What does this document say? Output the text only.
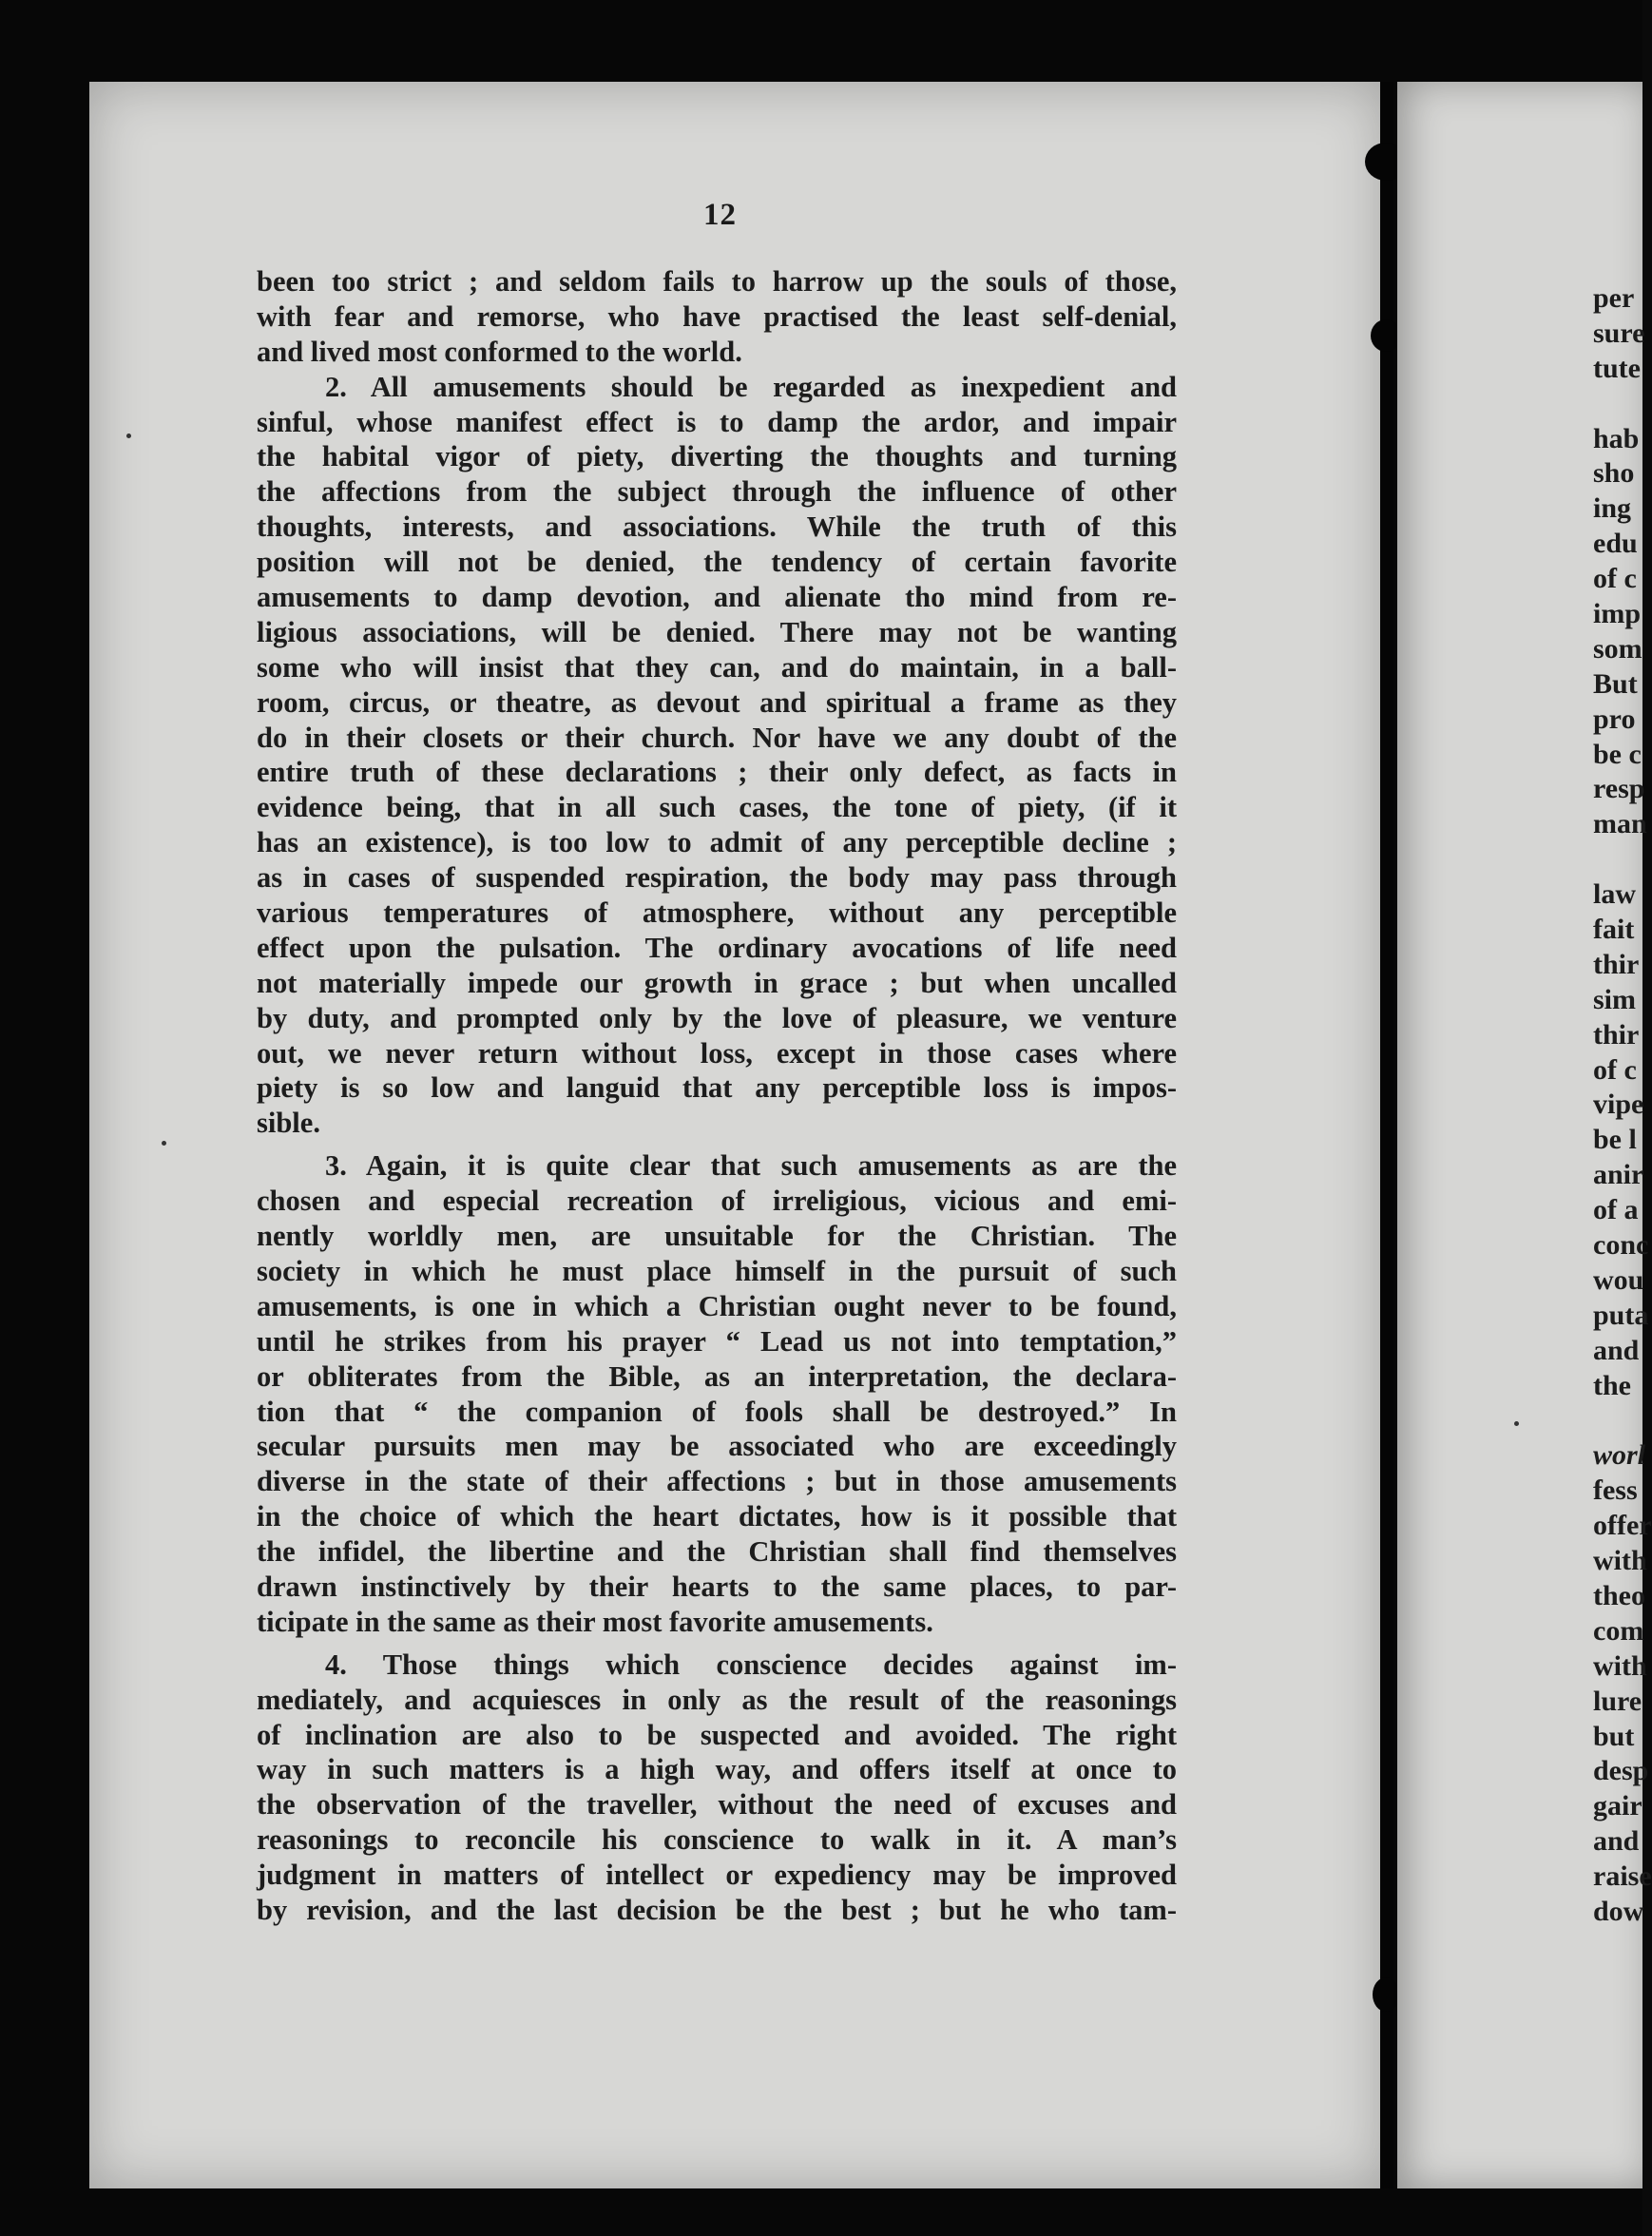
12
been too strict ; and seldom fails to harrow up the souls of those,
with fear and remorse, who have practised the least self-denial,
and lived most conformed to the world.
2. All amusements should be regarded as inexpedient and
sinful, whose manifest effect is to damp the ardor, and impair
the habital vigor of piety, diverting the thoughts and turning
the affections from the subject through the influence of other
thoughts, interests, and associations. While the truth of this
position will not be denied, the tendency of certain favorite
amusements to damp devotion, and alienate tho mind from re-
ligious associations, will be denied. There may not be wanting
some who will insist that they can, and do maintain, in a ball-
room, circus, or theatre, as devout and spiritual a frame as they
do in their closets or their church. Nor have we any doubt of the
entire truth of these declarations ; their only defect, as facts in
evidence being, that in all such cases, the tone of piety, (if it
has an existence), is too low to admit of any perceptible decline ;
as in cases of suspended respiration, the body may pass through
various temperatures of atmosphere, without any perceptible
effect upon the pulsation. The ordinary avocations of life need
not materially impede our growth in grace ; but when uncalled
by duty, and prompted only by the love of pleasure, we venture
out, we never return without loss, except in those cases where
piety is so low and languid that any perceptible loss is impos-
sible.
3. Again, it is quite clear that such amusements as are the
chosen and especial recreation of irreligious, vicious and emi-
nently worldly men, are unsuitable for the Christian. The
society in which he must place himself in the pursuit of such
amusements, is one in which a Christian ought never to be found,
until he strikes from his prayer “ Lead us not into temptation,”
or obliterates from the Bible, as an interpretation, the declara-
tion that “ the companion of fools shall be destroyed.” In
secular pursuits men may be associated who are exceedingly
diverse in the state of their affections ; but in those amusements
in the choice of which the heart dictates, how is it possible that
the infidel, the libertine and the Christian shall find themselves
drawn instinctively by their hearts to the same places, to par-
ticipate in the same as their most favorite amusements.
4. Those things which conscience decides against im-
mediately, and acquiesces in only as the result of the reasonings
of inclination are also to be suspected and avoided. The right
way in such matters is a high way, and offers itself at once to
the observation of the traveller, without the need of excuses and
reasonings to reconcile his conscience to walk in it. A man’s
judgment in matters of intellect or expediency may be improved
by revision, and the last decision be the best ; but he who tam-
per
sure
tute
hab
sho
ing
edu
of c
imp
som
But
pro
be c
resp
man
law
fait
thir
sim
thir
of c
vipe
be l
anir
of a
conc
wou
puta
and
the
worl
fess
offer
with
theo
com
with
lure
but
desp
gair
and
raise
dow
